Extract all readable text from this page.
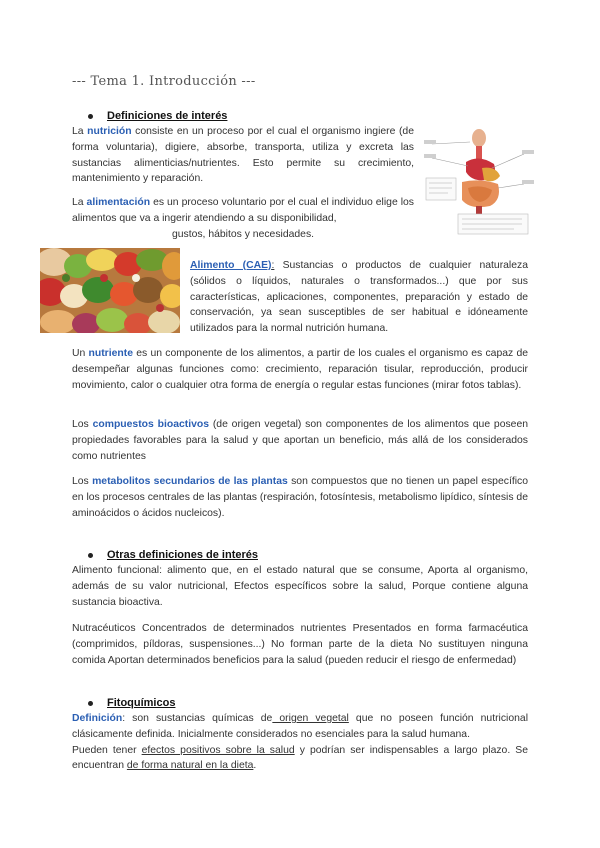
--- Tema 1. Introducción ---
Definiciones de interés

La nutrición consiste en un proceso por el cual el organismo ingiere (de forma voluntaria), digiere, absorbe, transporta, utiliza y excreta las sustancias alimenticias/nutrientes. Esto permite su crecimiento, mantenimiento y reparación.

La alimentación es un proceso voluntario por el cual el individuo elige los alimentos que va a ingerir atendiendo a su disponibilidad,

gustos, hábitos y necesidades.

Alimento (CAE): Sustancias o productos de cualquier naturaleza (sólidos o líquidos, naturales o transformados...) que por sus características, aplicaciones, componentes, preparación y estado de conservación, ya sean susceptibles de ser habitual e idóneamente utilizados para la normal nutrición humana.

Un nutriente es un componente de los alimentos, a partir de los cuales el organismo es capaz de desempeñar algunas funciones como: crecimiento, reparación tisular, reproducción, producir movimiento, calor o cualquier otra forma de energía o regular estas funciones (mirar fotos tablas).

Los compuestos bioactivos (de origen vegetal) son componentes de los alimentos que poseen propiedades favorables para la salud y que aportan un beneficio, más allá de los considerados como nutrientes

Los metabolitos secundarios de las plantas son compuestos que no tienen un papel específico en los procesos centrales de las plantas (respiración, fotosíntesis, metabolismo lipídico, síntesis de aminoácidos o ácidos nucleicos).

Otras definiciones de interés

Alimento funcional: alimento que, en el estado natural que se consume, Aporta al organismo, además de su valor nutricional, Efectos específicos sobre la salud, Porque contiene alguna sustancia bioactiva.

Nutracéuticos Concentrados de determinados nutrientes Presentados en forma farmacéutica (comprimidos, píldoras, suspensiones...) No forman parte de la dieta No sustituyen ninguna comida Aportan determinados beneficios para la salud (pueden reducir el riesgo de enfermedad)

Fitoquímicos

Definición: son sustancias químicas de origen vegetal que no poseen función nutricional clásicamente definida. Inicialmente considerados no esenciales para la salud humana.

Pueden tener efectos positivos sobre la salud y podrían ser indispensables a largo plazo. Se encuentran de forma natural en la dieta.
